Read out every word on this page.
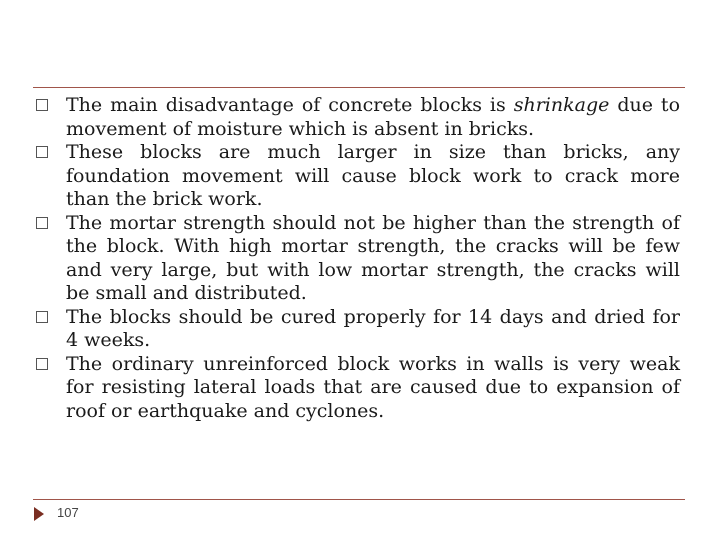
The main disadvantage of concrete blocks is shrinkage due to movement of moisture which is absent in bricks.
These blocks are much larger in size than bricks, any foundation movement will cause block work to crack more than the brick work.
The mortar strength should not be higher than the strength of the block. With high mortar strength, the cracks will be few and very large, but with low mortar strength, the cracks will be small and distributed.
The blocks should be cured properly for 14 days and dried for 4 weeks.
The ordinary unreinforced block works in walls is very weak for resisting lateral loads that are caused due to expansion of roof or earthquake and cyclones.
107
